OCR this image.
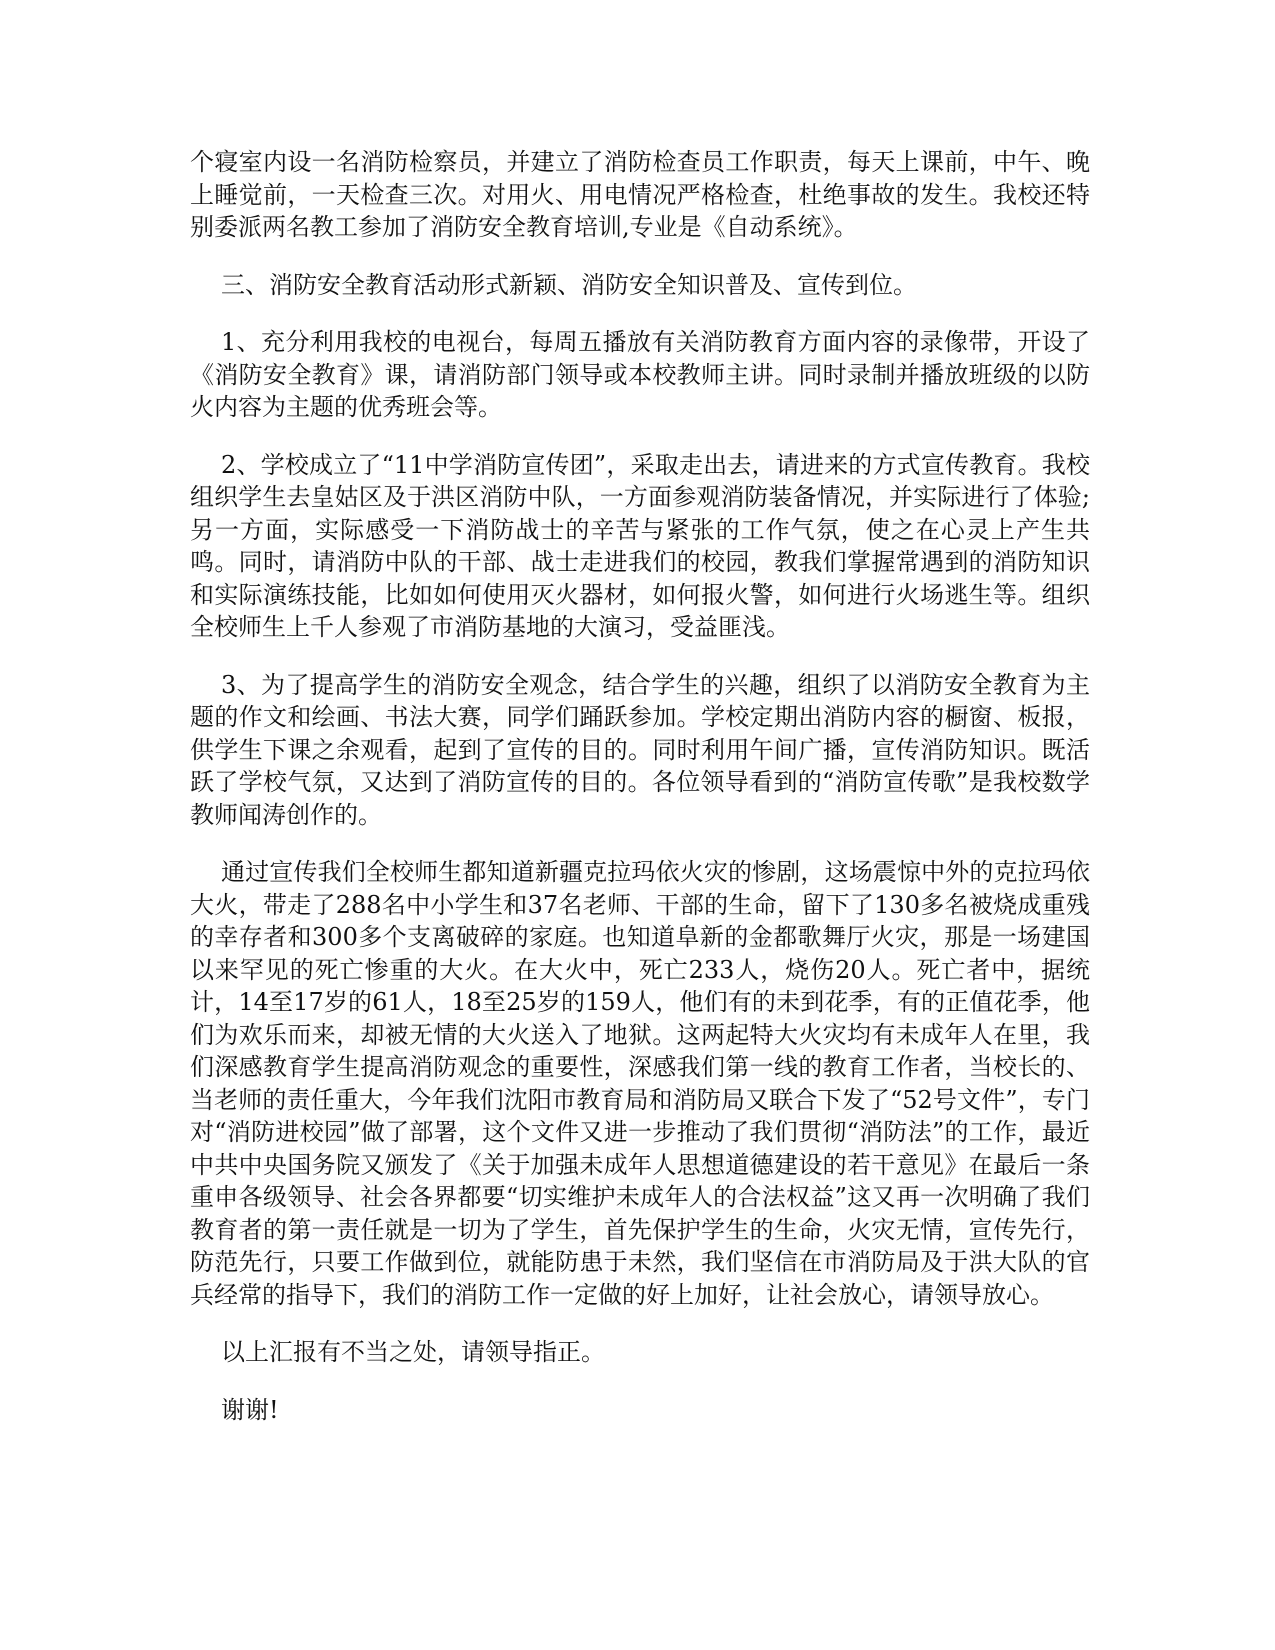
个寝室内设一名消防检察员，并建立了消防检查员工作职责，每天上课前，中午、晚上睡觉前，一天检查三次。对用火、用电情况严格检查，杜绝事故的发生。我校还特别委派两名教工参加了消防安全教育培训,专业是《自动系统》。

三、消防安全教育活动形式新颖、消防安全知识普及、宣传到位。

1、充分利用我校的电视台，每周五播放有关消防教育方面内容的录像带，开设了《消防安全教育》课，请消防部门领导或本校教师主讲。同时录制并播放班级的以防火内容为主题的优秀班会等。

2、学校成立了“11中学消防宣传团”，采取走出去，请进来的方式宣传教育。我校组织学生去皇姑区及于洪区消防中队，一方面参观消防装备情况，并实际进行了体验;另一方面，实际感受一下消防战士的辛苦与紧张的工作气氛，使之在心灵上产生共鸣。同时，请消防中队的干部、战士走进我们的校园，教我们掌握常遇到的消防知识和实际演练技能，比如如何使用灭火器材，如何报火警，如何进行火场逃生等。组织全校师生上千人参观了市消防基地的大演习，受益匪浅。

3、为了提高学生的消防安全观念，结合学生的兴趣，组织了以消防安全教育为主题的作文和绘画、书法大赛，同学们踊跃参加。学校定期出消防内容的橱窗、板报，供学生下课之余观看，起到了宣传的目的。同时利用午间广播，宣传消防知识。既活跃了学校气氛，又达到了消防宣传的目的。各位领导看到的“消防宣传歌”是我校数学教师闻涛创作的。

通过宣传我们全校师生都知道新疆克拉玛依火灾的惨剧，这场震惊中外的克拉玛依大火，带走了288名中小学生和37名老师、干部的生命，留下了130多名被烧成重残的幸存者和300多个支离破碎的家庭。也知道阜新的金都歌舞厅火灾，那是一场建国以来罕见的死亡惨重的大火。在大火中，死亡233人，烧伤20人。死亡者中，据统计，14至17岁的61人，18至25岁的159人，他们有的未到花季，有的正值花季，他们为欢乐而来，却被无情的大火送入了地狱。这两起特大火灾均有未成年人在里，我们深感教育学生提高消防观念的重要性，深感我们第一线的教育工作者，当校长的、当老师的责任重大，今年我们沈阳市教育局和消防局又联合下发了“52号文件”，专门对“消防进校园”做了部署，这个文件又进一步推动了我们贯彻“消防法”的工作，最近中共中央国务院又颁发了《关于加强未成年人思想道德建设的若干意见》在最后一条重申各级领导、社会各界都要“切实维护未成年人的合法权益”这又再一次明确了我们教育者的第一责任就是一切为了学生，首先保护学生的生命，火灾无情，宣传先行，防范先行，只要工作做到位，就能防患于未然，我们坚信在市消防局及于洪大队的官兵经常的指导下，我们的消防工作一定做的好上加好，让社会放心，请领导放心。

以上汇报有不当之处，请领导指正。

谢谢!
